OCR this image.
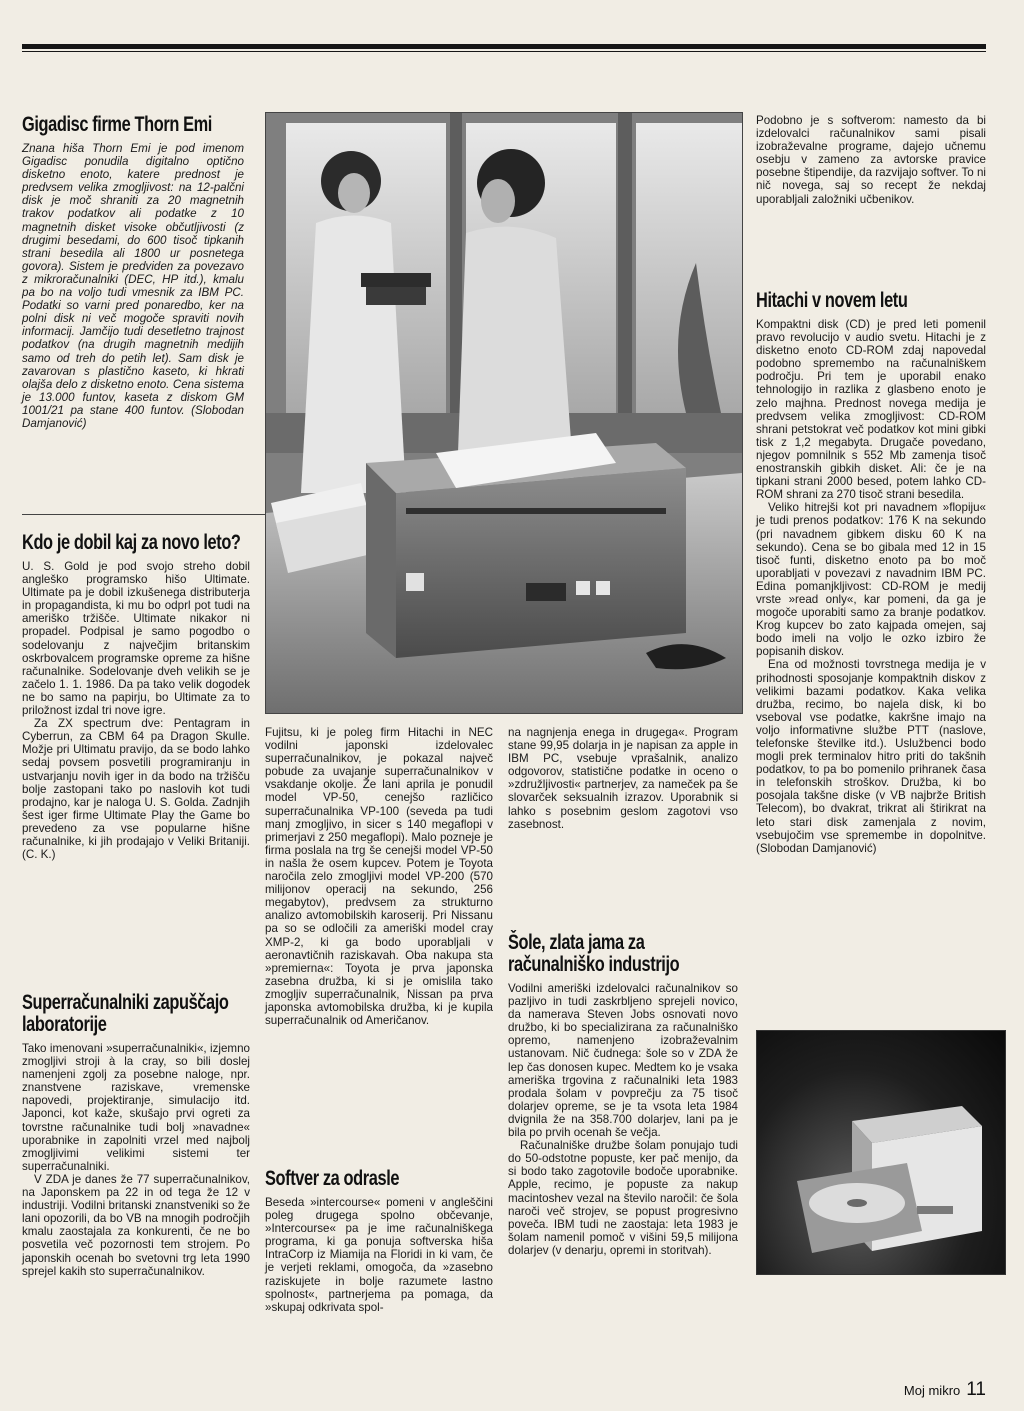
Gigadisc firme Thorn Emi

Znana hiša Thorn Emi je pod imenom Gigadisc ponudila digitalno optično disketno enoto, katere prednost je predvsem velika zmogljivost: na 12-palčni disk je moč shraniti za 20 magnetnih trakov podatkov ali podatke z 10 magnetnih disket visoke občutljivosti (z drugimi besedami, do 600 tisoč tipkanih strani besedila ali 1800 ur posnetega govora). Sistem je predviden za povezavo z mikroračunalniki (DEC, HP itd.), kmalu pa bo na voljo tudi vmesnik za IBM PC. Podatki so varni pred ponaredbo, ker na polni disk ni več mogoče spraviti novih informacij. Jamčijo tudi desetletno trajnost podatkov (na drugih magnetnih medijih samo od treh do petih let). Sam disk je zavarovan s plastično kaseto, ki hkrati olajša delo z disketno enoto. Cena sistema je 13.000 funtov, kaseta z diskom GM 1001/21 pa stane 400 funtov. (Slobodan Damjanović)

Kdo je dobil kaj za novo leto?

U. S. Gold je pod svojo streho dobil angleško programsko hišo Ultimate. Ultimate pa je dobil izkušenega distributerja in propagandista, ki mu bo odprl pot tudi na ameriško tržišče. Ultimate nikakor ni propadel. Podpisal je samo pogodbo o sodelovanju z največjim britanskim oskrbovalcem programske opreme za hišne računalnike. Sodelovanje dveh velikih se je začelo 1. 1. 1986. Da pa tako velik dogodek ne bo samo na papirju, bo Ultimate za to priložnost izdal tri nove igre.

Za ZX spectrum dve: Pentagram in Cyberrun, za CBM 64 pa Dragon Skulle. Možje pri Ultimatu pravijo, da se bodo lahko sedaj povsem posvetili programiranju in ustvarjanju novih iger in da bodo na tržišču bolje zastopani tako po naslovih kot tudi prodajno, kar je naloga U. S. Golda. Zadnjih šest iger firme Ultimate Play the Game bo prevedeno za vse popularne hišne računalnike, ki jih prodajajo v Veliki Britaniji. (C. K.)

Superračunalniki zapuščajo laboratorije

Tako imenovani »superračunalniki«, izjemno zmogljivi stroji à la cray, so bili doslej namenjeni zgolj za posebne naloge, npr. znanstvene raziskave, vremenske napovedi, projektiranje, simulacijo itd. Japonci, kot kaže, skušajo prvi ogreti za tovrstne računalnike tudi bolj »navadne« uporabnike in zapolniti vrzel med najbolj zmogljivimi velikimi sistemi ter superračunalniki.

V ZDA je danes že 77 superračunalnikov, na Japonskem pa 22 in od tega že 12 v industriji. Vodilni britanski znanstveniki so že lani opozorili, da bo VB na mnogih področjih kmalu zaostajala za konkurenti, če ne bo posvetila več pozornosti tem strojem. Po japonskih ocenah bo svetovni trg leta 1990 sprejel kakih sto superračunalnikov.

Fujitsu, ki je poleg firm Hitachi in NEC vodilni japonski izdelovalec superračunalnikov, je pokazal največ pobude za uvajanje superračunalnikov v vsakdanje okolje. Že lani aprila je ponudil model VP-50, cenejšo različico superračunalnika VP-100 (seveda pa tudi manj zmogljivo, in sicer s 140 megaflopi v primerjavi z 250 megaflopi). Malo pozneje je firma poslala na trg še cenejši model VP-50 in našla že osem kupcev. Potem je Toyota naročila zelo zmogljivi model VP-200 (570 milijonov operacij na sekundo, 256 megabytov), predvsem za strukturno analizo avtomobilskih karoserij. Pri Nissanu pa so se odločili za ameriški model cray XMP-2, ki ga bodo uporabljali v aeronavtičnih raziskavah. Oba nakupa sta »premierna«: Toyota je prva japonska zasebna družba, ki si je omislila tako zmogljiv superračunalnik, Nissan pa prva japonska avtomobilska družba, ki je kupila superračunalnik od Američanov.

Softver za odrasle

Beseda »intercourse« pomeni v angleščini poleg drugega spolno občevanje, »Intercourse« pa je ime računalniškega programa, ki ga ponuja softverska hiša IntraCorp iz Miamija na Floridi in ki vam, če je verjeti reklami, omogoča, da »zasebno raziskujete in bolje razumete lastno spolnost«, partnerjema pa pomaga, da »skupaj odkrivata spol-

na nagnjenja enega in drugega«. Program stane 99,95 dolarja in je napisan za apple in IBM PC, vsebuje vprašalnik, analizo odgovorov, statistične podatke in oceno o »združljivosti« partnerjev, za nameček pa še slovarček seksualnih izrazov. Uporabnik si lahko s posebnim geslom zagotovi vso zasebnost.

Šole, zlata jama za računalniško industrijo

Vodilni ameriški izdelovalci računalnikov so pazljivo in tudi zaskrbljeno sprejeli novico, da namerava Steven Jobs osnovati novo družbo, ki bo specializirana za računalniško opremo, namenjeno izobraževalnim ustanovam. Nič čudnega: šole so v ZDA že lep čas donosen kupec. Medtem ko je vsaka ameriška trgovina z računalniki leta 1983 prodala šolam v povprečju za 75 tisoč dolarjev opreme, se je ta vsota leta 1984 dvignila že na 358.700 dolarjev, lani pa je bila po prvih ocenah še večja.

Računalniške družbe šolam ponujajo tudi do 50-odstotne popuste, ker pač menijo, da si bodo tako zagotovile bodoče uporabnike. Apple, recimo, je popuste za nakup macintoshev vezal na število naročil: če šola naroči več strojev, se popust progresivno poveča. IBM tudi ne zaostaja: leta 1983 je šolam namenil pomoč v višini 59,5 milijona dolarjev (v denarju, opremi in storitvah).

Podobno je s softverom: namesto da bi izdelovalci računalnikov sami pisali izobraževalne programe, dajejo učnemu osebju v zameno za avtorske pravice posebne štipendije, da razvijajo softver. To ni nič novega, saj so recept že nekdaj uporabljali založniki učbenikov.

Hitachi v novem letu

Kompaktni disk (CD) je pred leti pomenil pravo revolucijo v audio svetu. Hitachi je z disketno enoto CD-ROM zdaj napovedal podobno spremembo na računalniškem področju. Pri tem je uporabil enako tehnologijo in razlika z glasbeno enoto je zelo majhna. Prednost novega medija je predvsem velika zmogljivost: CD-ROM shrani petstokrat več podatkov kot mini gibki tisk z 1,2 megabyta. Drugače povedano, njegov pomnilnik s 552 Mb zamenja tisoč enostranskih gibkih disket. Ali: če je na tipkani strani 2000 besed, potem lahko CD-ROM shrani za 270 tisoč strani besedila.

Veliko hitrejši kot pri navadnem »flopiju« je tudi prenos podatkov: 176 K na sekundo (pri navadnem gibkem disku 60 K na sekundo). Cena se bo gibala med 12 in 15 tisoč funti, disketno enoto pa bo moč uporabljati v povezavi z navadnim IBM PC. Edina pomanjkljivost: CD-ROM je medij vrste »read only«, kar pomeni, da ga je mogoče uporabiti samo za branje podatkov. Krog kupcev bo zato kajpada omejen, saj bodo imeli na voljo le ozko izbiro že popisanih diskov.

Ena od možnosti tovrstnega medija je v prihodnosti sposojanje kompaktnih diskov z velikimi bazami podatkov. Kaka velika družba, recimo, bo najela disk, ki bo vseboval vse podatke, kakršne imajo na voljo informativne službe PTT (naslove, telefonske številke itd.). Uslužbenci bodo mogli prek terminalov hitro priti do takšnih podatkov, to pa bo pomenilo prihranek časa in telefonskih stroškov. Družba, ki bo posojala takšne diske (v VB najbrže British Telecom), bo dvakrat, trikrat ali štirikrat na leto stari disk zamenjala z novim, vsebujočim vse spremembe in dopolnitve. (Slobodan Damjanović)

Moj mikro 11
